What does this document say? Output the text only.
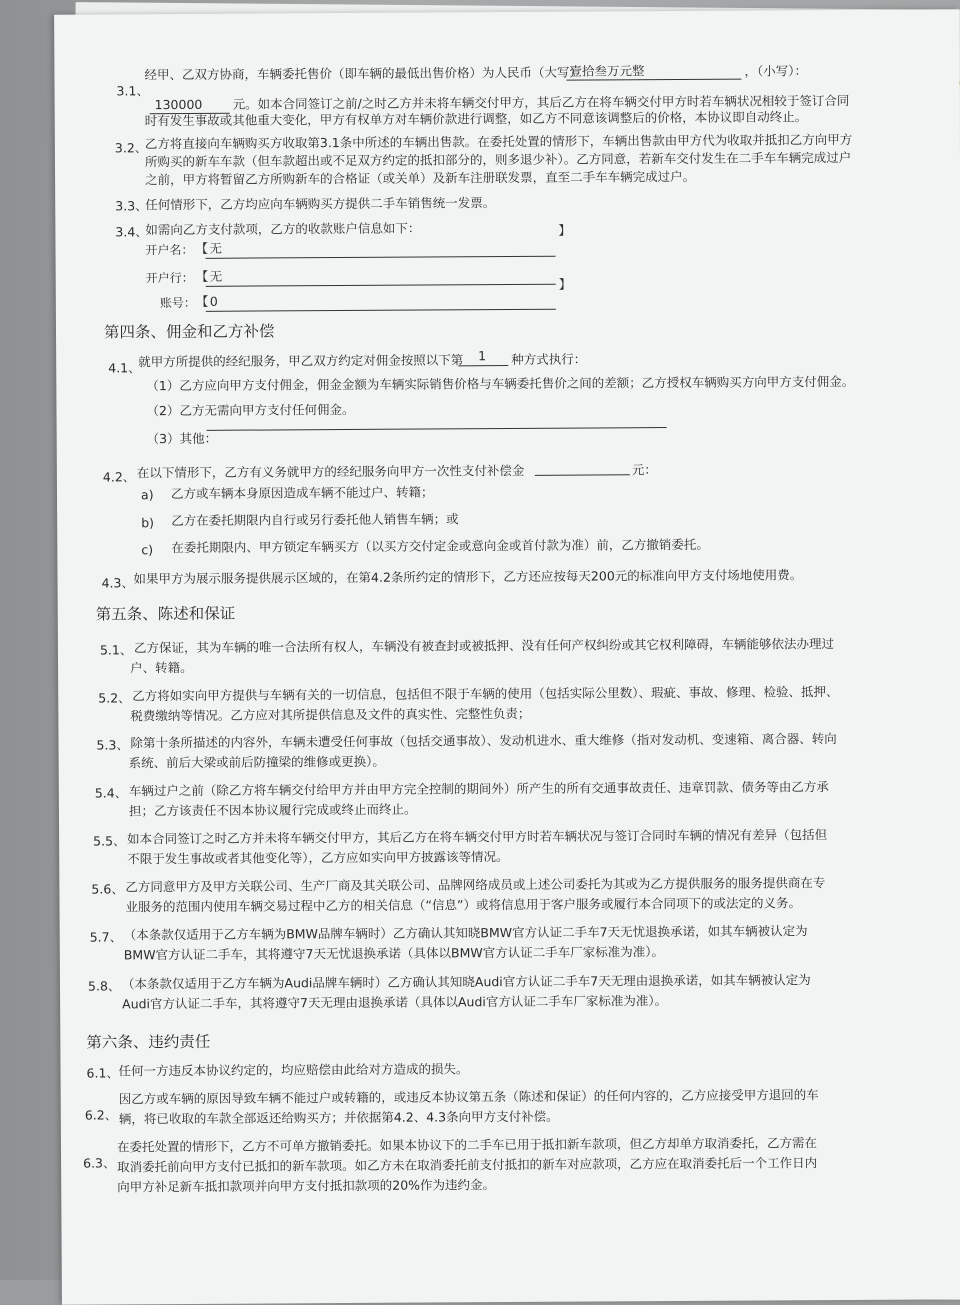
3.1、
经甲、乙双方协商，车辆委托售价（即车辆的最低出售价格）为人民币（大写）
壹拾叁万元整	，（小写）：
130000 元。如本合同签订之前/之时乙方并未将车辆交付甲方，其后乙方在将车辆交付甲方时若车辆状况相较于签订合同
时有发生事故或其他重大变化，甲方有权单方对车辆价款进行调整，如乙方不同意该调整后的价格，本协议即自动终止。
3.2、
乙方将直接向车辆购买方收取第3.1条中所述的车辆出售款。在委托处置的情形下，车辆出售款由甲方代为收取并抵扣乙方向甲方
所购买的新车车款（但车款超出或不足双方约定的抵扣部分的，则多退少补）。乙方同意，若新车交付发生在二手车车辆完成过户
之前，甲方将暂留乙方所购新车的合格证（或关单）及新车注册联发票，直至二手车车辆完成过户。
3.3、
任何情形下，乙方均应向车辆购买方提供二手车销售统一发票。
3.4、
如需向乙方支付款项，乙方的收款账户信息如下：	】
开户名： 【 无
开户行： 【 无
账号： 【 0
】
第四条、佣金和乙方补偿
4.1、
就甲方所提供的经纪服务，甲乙双方约定对佣金按照以下第 1 种方式执行：
（1）乙方应向甲方支付佣金，佣金金额为车辆实际销售价格与车辆委托售价之间的差额；乙方授权车辆购买方向甲方支付佣金。
（2）乙方无需向甲方支付任何佣金。
（3）其他：
4.2、 在以下情形下，乙方有义务就甲方的经纪服务向甲方一次性支付补偿金	元：
a) 乙方或车辆本身原因造成车辆不能过户、转籍；
b) 乙方在委托期限内自行或另行委托他人销售车辆；或
c) 在委托期限内、甲方锁定车辆买方（以买方交付定金或意向金或首付款为准）前，乙方撤销委托。
4.3、 如果甲方为展示服务提供展示区域的，在第4.2条所约定的情形下，乙方还应按每天200元的标准向甲方支付场地使用费。
第五条、陈述和保证
5.1、 乙方保证，其为车辆的唯一合法所有权人，车辆没有被查封或被抵押、没有任何产权纠纷或其它权利障碍，车辆能够依法办理过
户、转籍。
5.2、 乙方将如实向甲方提供与车辆有关的一切信息，包括但不限于车辆的使用（包括实际公里数）、瑕疵、事故、修理、检验、抵押、
税费缴纳等情况。乙方应对其所提供信息及文件的真实性、完整性负责；
5.3、 除第十条所描述的内容外，车辆未遭受任何事故（包括交通事故）、发动机进水、重大维修（指对发动机、变速箱、离合器、转向
系统、前后大梁或前后防撞梁的维修或更换）。
5.4、 车辆过户之前（除乙方将车辆交付给甲方并由甲方完全控制的期间外）所产生的所有交通事故责任、违章罚款、债务等由乙方承
担；乙方该责任不因本协议履行完成或终止而终止。
5.5、 如本合同签订之时乙方并未将车辆交付甲方，其后乙方在将车辆交付甲方时若车辆状况与签订合同时车辆的情况有差异（包括但
不限于发生事故或者其他变化等），乙方应如实向甲方披露该等情况。
5.6、 乙方同意甲方及甲方关联公司、生产厂商及其关联公司、品牌网络成员或上述公司委托为其或为乙方提供服务的服务提供商在专
业服务的范围内使用车辆交易过程中乙方的相关信息（“信息”）或将信息用于客户服务或履行本合同项下的或法定的义务。
5.7、 （本条款仅适用于乙方车辆为BMW品牌车辆时）乙方确认其知晓BMW官方认证二手车7天无忧退换承诺，如其车辆被认定为
BMW官方认证二手车，其将遵守7天无忧退换承诺（具体以BMW官方认证二手车厂家标准为准）。
5.8、 （本条款仅适用于乙方车辆为Audi品牌车辆时）乙方确认其知晓Audi官方认证二手车7天无理由退换承诺，如其车辆被认定为
Audi官方认证二手车，其将遵守7天无理由退换承诺（具体以Audi官方认证二手车厂家标准为准）。
第六条、违约责任
6.1、 任何一方违反本协议约定的，均应赔偿由此给对方造成的损失。
6.2、
因乙方或车辆的原因导致车辆不能过户或转籍的，或违反本协议第五条（陈述和保证）的任何内容的，乙方应接受甲方退回的车
辆，将已收取的车款全部返还给购买方；并依据第4.2、4.3条向甲方支付补偿。
6.3、
在委托处置的情形下，乙方不可单方撤销委托。如果本协议下的二手车已用于抵扣新车款项，但乙方却单方取消委托，乙方需在
取消委托前向甲方支付已抵扣的新车款项。如乙方未在取消委托前支付抵扣的新车对应款项，乙方应在取消委托后一个工作日内
向甲方补足新车抵扣款项并向甲方支付抵扣款项的20%作为违约金。
